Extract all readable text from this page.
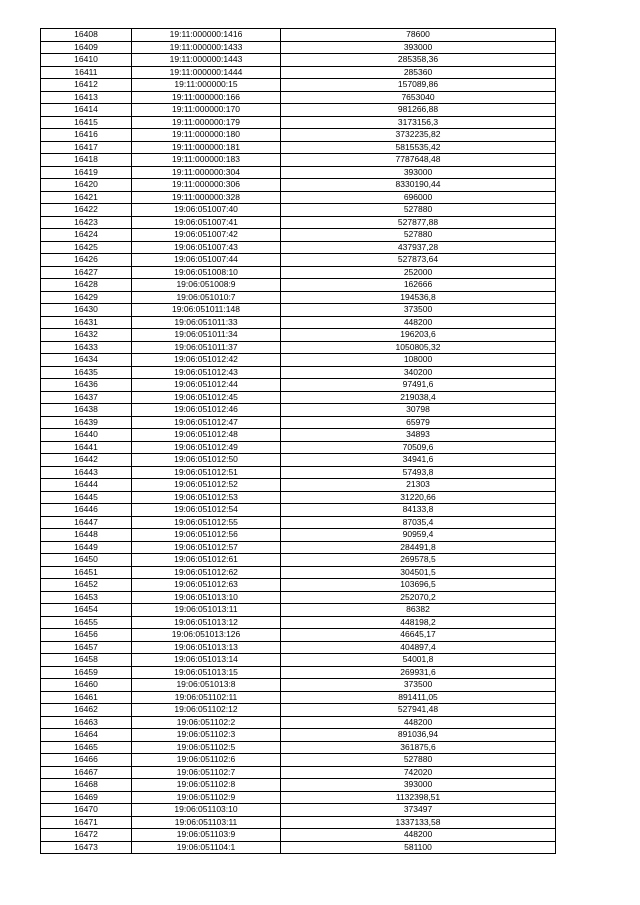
16408	19:11:000000:1416	78600
16409	19:11:000000:1433	393000
16410	19:11:000000:1443	285358,36
16411	19:11:000000:1444	285360
16412	19:11:000000:15	157089,86
16413	19:11:000000:166	7653040
16414	19:11:000000:170	981266,88
16415	19:11:000000:179	3173156,3
16416	19:11:000000:180	3732235,82
16417	19:11:000000:181	5815535,42
16418	19:11:000000:183	7787648,48
16419	19:11:000000:304	393000
16420	19:11:000000:306	8330190,44
16421	19:11:000000:328	696000
16422	19:06:051007:40	527880
16423	19:06:051007:41	527877,88
16424	19:06:051007:42	527880
16425	19:06:051007:43	437937,28
16426	19:06:051007:44	527873,64
16427	19:06:051008:10	252000
16428	19:06:051008:9	162666
16429	19:06:051010:7	194536,8
16430	19:06:051011:148	373500
16431	19:06:051011:33	448200
16432	19:06:051011:34	196203,6
16433	19:06:051011:37	1050805,32
16434	19:06:051012:42	108000
16435	19:06:051012:43	340200
16436	19:06:051012:44	97491,6
16437	19:06:051012:45	219038,4
16438	19:06:051012:46	30798
16439	19:06:051012:47	65979
16440	19:06:051012:48	34893
16441	19:06:051012:49	70509,6
16442	19:06:051012:50	34941,6
16443	19:06:051012:51	57493,8
16444	19:06:051012:52	21303
16445	19:06:051012:53	31220,66
16446	19:06:051012:54	84133,8
16447	19:06:051012:55	87035,4
16448	19:06:051012:56	90959,4
16449	19:06:051012:57	284491,8
16450	19:06:051012:61	269578,5
16451	19:06:051012:62	304501,5
16452	19:06:051012:63	103696,5
16453	19:06:051013:10	252070,2
16454	19:06:051013:11	86382
16455	19:06:051013:12	448198,2
16456	19:06:051013:126	46645,17
16457	19:06:051013:13	404897,4
16458	19:06:051013:14	54001,8
16459	19:06:051013:15	269931,6
16460	19:06:051013:8	373500
16461	19:06:051102:11	891411,05
16462	19:06:051102:12	527941,48
16463	19:06:051102:2	448200
16464	19:06:051102:3	891036,94
16465	19:06:051102:5	361875,6
16466	19:06:051102:6	527880
16467	19:06:051102:7	742020
16468	19:06:051102:8	393000
16469	19:06:051102:9	1132398,51
16470	19:06:051103:10	373497
16471	19:06:051103:11	1337133,58
16472	19:06:051103:9	448200
16473	19:06:051104:1	581100
